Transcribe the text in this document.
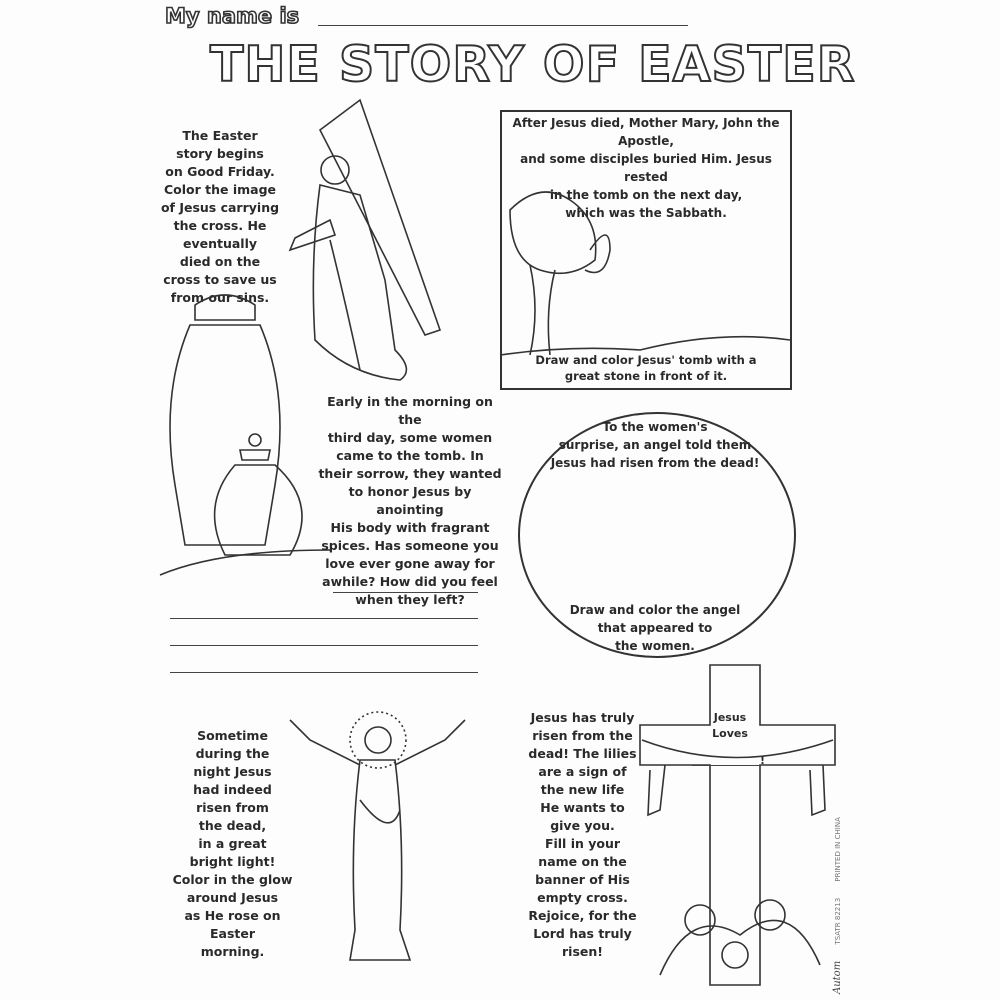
My name is
THE STORY OF EASTER
The Easter
story begins
on Good Friday.
Color the image
of Jesus carrying
the cross. He
eventually
died on the
cross to save us
from our sins.
After Jesus died, Mother Mary, John the Apostle,
and some disciples buried Him. Jesus rested
in the tomb on the next day,
which was the Sabbath.
Draw and color Jesus' tomb with a
great stone in front of it.
Early in the morning on the
third day, some women
came to the tomb. In
their sorrow, they wanted
to honor Jesus by anointing
His body with fragrant
spices. Has someone you
love ever gone away for
awhile? How did you feel
when they left?
To the women's
surprise, an angel told them
Jesus had risen from the dead!
Draw and color the angel
that appeared to
the women.
Sometime
during the
night Jesus
had indeed
risen from
the dead,
in a great
bright light!
Color in the glow
around Jesus
as He rose on
Easter
morning.
Jesus has truly
risen from the
dead! The lilies
are a sign of
the new life
He wants to
give you.
Fill in your
name on the
banner of His
empty cross.
Rejoice, for the
Lord has truly
risen!
Jesus
Loves
!
Autom TSATR 82213 PRINTED IN CHINA
